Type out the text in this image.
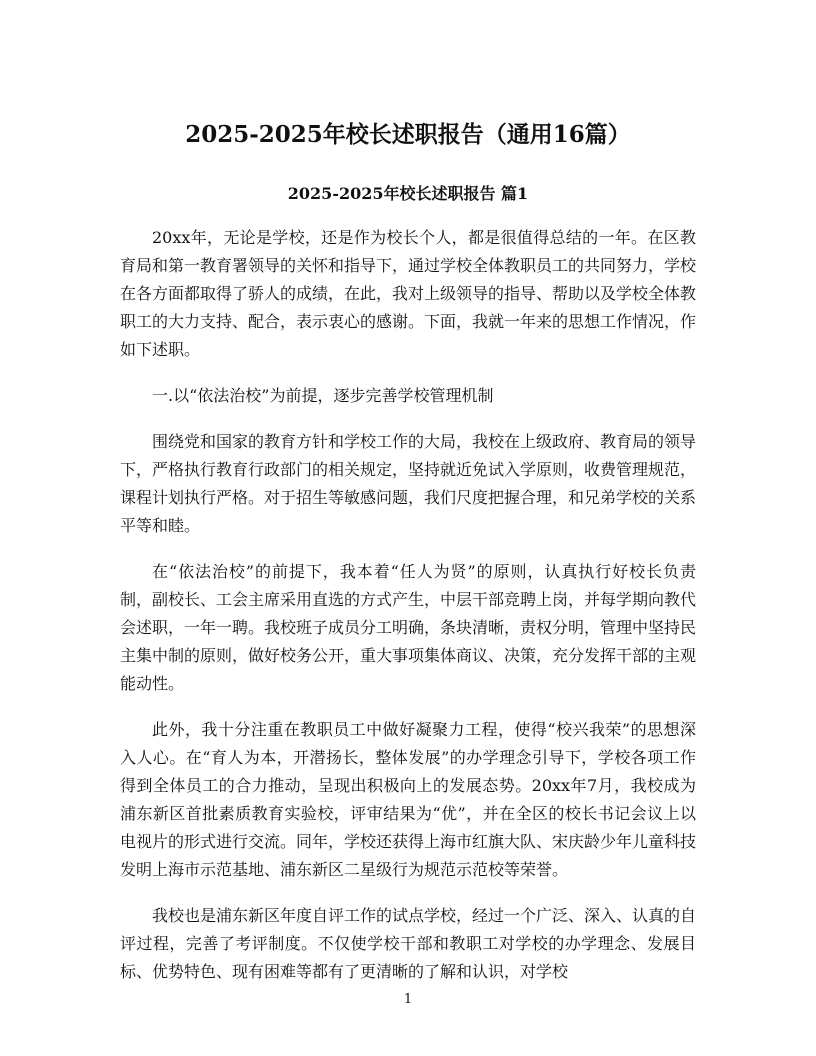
2025-2025年校长述职报告（通用16篇）
2025-2025年校长述职报告 篇1

20xx年，无论是学校，还是作为校长个人，都是很值得总结的一年。在区教育局和第一教育署领导的关怀和指导下，通过学校全体教职员工的共同努力，学校在各方面都取得了骄人的成绩，在此，我对上级领导的指导、帮助以及学校全体教职工的大力支持、配合，表示衷心的感谢。下面，我就一年来的思想工作情况，作如下述职。

一.以“依法治校”为前提，逐步完善学校管理机制

围绕党和国家的教育方针和学校工作的大局，我校在上级政府、教育局的领导下，严格执行教育行政部门的相关规定，坚持就近免试入学原则，收费管理规范，课程计划执行严格。对于招生等敏感问题，我们尺度把握合理，和兄弟学校的关系平等和睦。

在“依法治校”的前提下，我本着“任人为贤”的原则，认真执行好校长负责制，副校长、工会主席采用直选的方式产生，中层干部竞聘上岗，并每学期向教代会述职，一年一聘。我校班子成员分工明确，条块清晰，责权分明，管理中坚持民主集中制的原则，做好校务公开，重大事项集体商议、决策，充分发挥干部的主观能动性。

此外，我十分注重在教职员工中做好凝聚力工程，使得“校兴我荣”的思想深入人心。在“育人为本，开潜扬长，整体发展”的办学理念引导下，学校各项工作得到全体员工的合力推动，呈现出积极向上的发展态势。20xx年7月，我校成为浦东新区首批素质教育实验校，评审结果为“优”，并在全区的校长书记会议上以电视片的形式进行交流。同年，学校还获得上海市红旗大队、宋庆龄少年儿童科技发明上海市示范基地、浦东新区二星级行为规范示范校等荣誉。

我校也是浦东新区年度自评工作的试点学校，经过一个广泛、深入、认真的自评过程，完善了考评制度。不仅使学校干部和教职工对学校的办学理念、发展目标、优势特色、现有困难等都有了更清晰的了解和认识，对学校

1
